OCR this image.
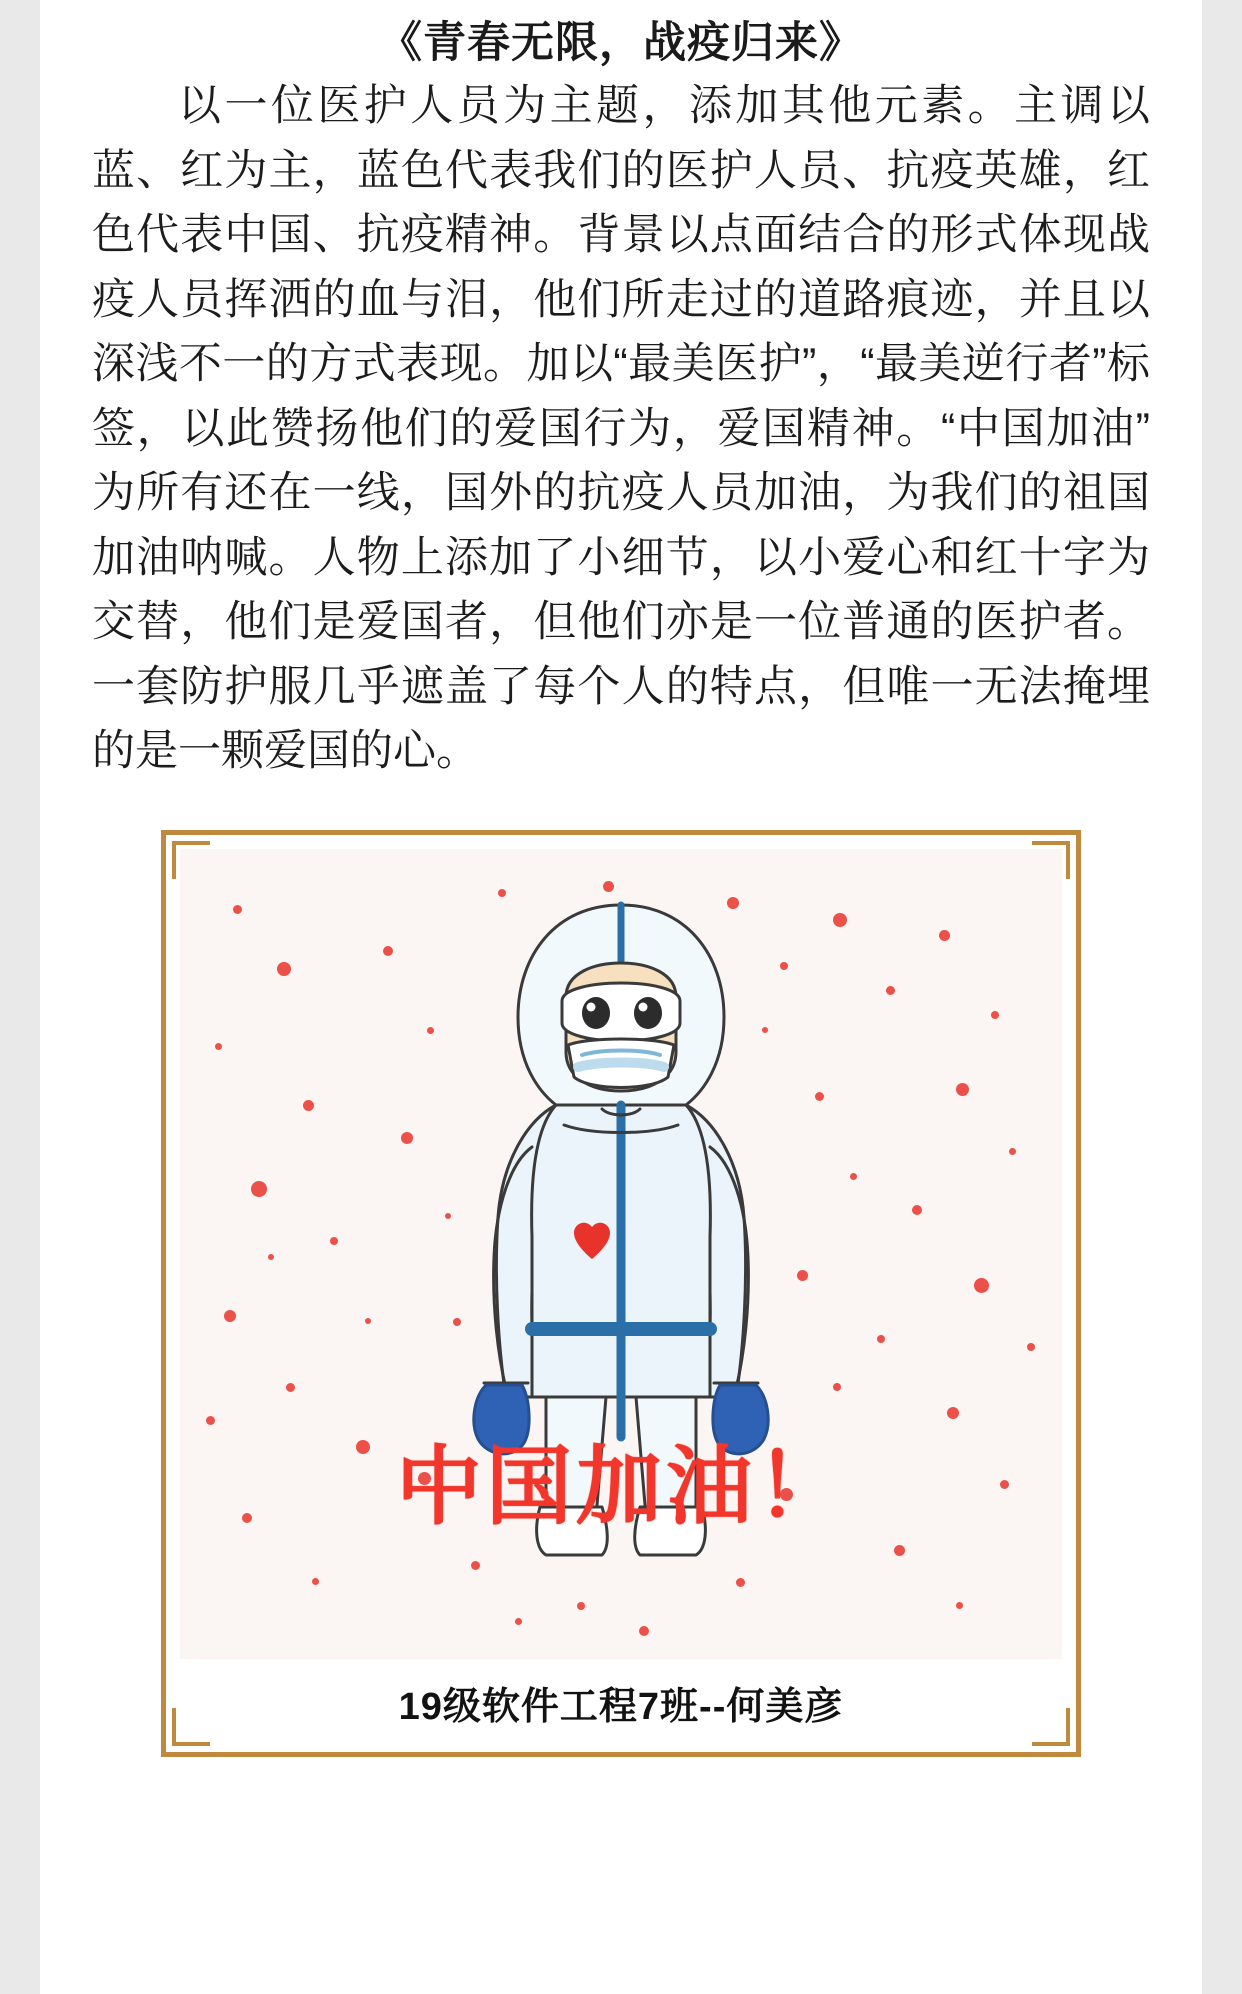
《青春无限，战疫归来》

以一位医护人员为主题，添加其他元素。主调以蓝、红为主，蓝色代表我们的医护人员、抗疫英雄，红色代表中国、抗疫精神。背景以点面结合的形式体现战疫人员挥洒的血与泪，他们所走过的道路痕迹，并且以深浅不一的方式表现。加以“最美医护”，“最美逆行者”标签，以此赞扬他们的爱国行为，爱国精神。“中国加油”为所有还在一线，国外的抗疫人员加油，为我们的祖国加油呐喊。人物上添加了小细节，以小爱心和红十字为交替，他们是爱国者，但他们亦是一位普通的医护者。一套防护服几乎遮盖了每个人的特点，但唯一无法掩埋的是一颗爱国的心。

中国加油！
19级软件工程7班--何美彦
